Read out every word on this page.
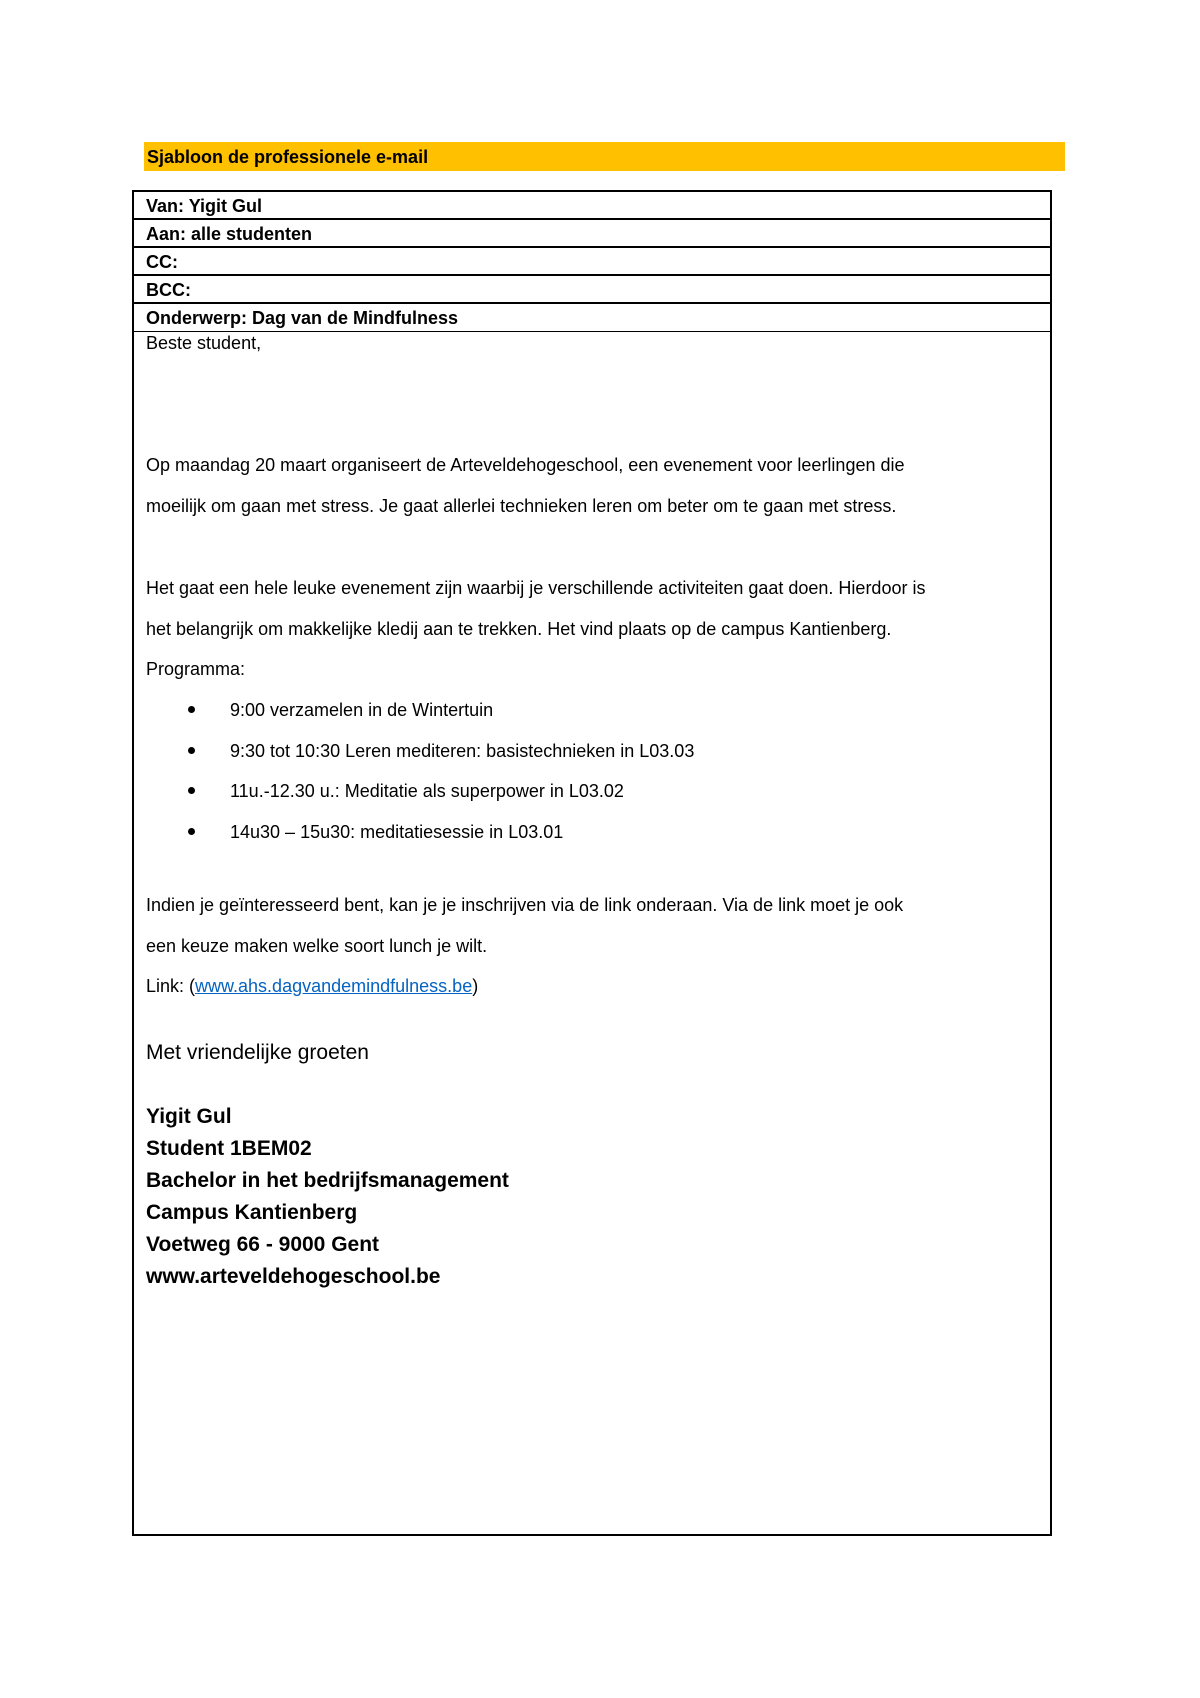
Sjabloon de professionele e-mail
Van: Yigit Gul
Aan: alle studenten
CC:
BCC:
Onderwerp: Dag van de Mindfulness
Beste student,
Op maandag 20 maart organiseert de Arteveldehogeschool, een evenement voor leerlingen die
moeilijk om gaan met stress. Je gaat allerlei technieken leren om beter om te gaan met stress.
Het gaat een hele leuke evenement zijn waarbij je verschillende activiteiten gaat doen. Hierdoor is
het belangrijk om makkelijke kledij aan te trekken. Het vind plaats op de campus Kantienberg.
Programma:
9:00 verzamelen in de Wintertuin
9:30 tot 10:30 Leren mediteren: basistechnieken in L03.03
11u.-12.30 u.: Meditatie als superpower in L03.02
14u30 – 15u30: meditatiesessie in L03.01
Indien je geïnteresseerd bent, kan je je inschrijven via de link onderaan. Via de link moet je ook
een keuze maken welke soort lunch je wilt.
Link: (www.ahs.dagvandemindfulness.be)
Met vriendelijke groeten
Yigit Gul
Student 1BEM02
Bachelor in het bedrijfsmanagement
Campus Kantienberg
Voetweg 66 - 9000 Gent
www.arteveldehogeschool.be
